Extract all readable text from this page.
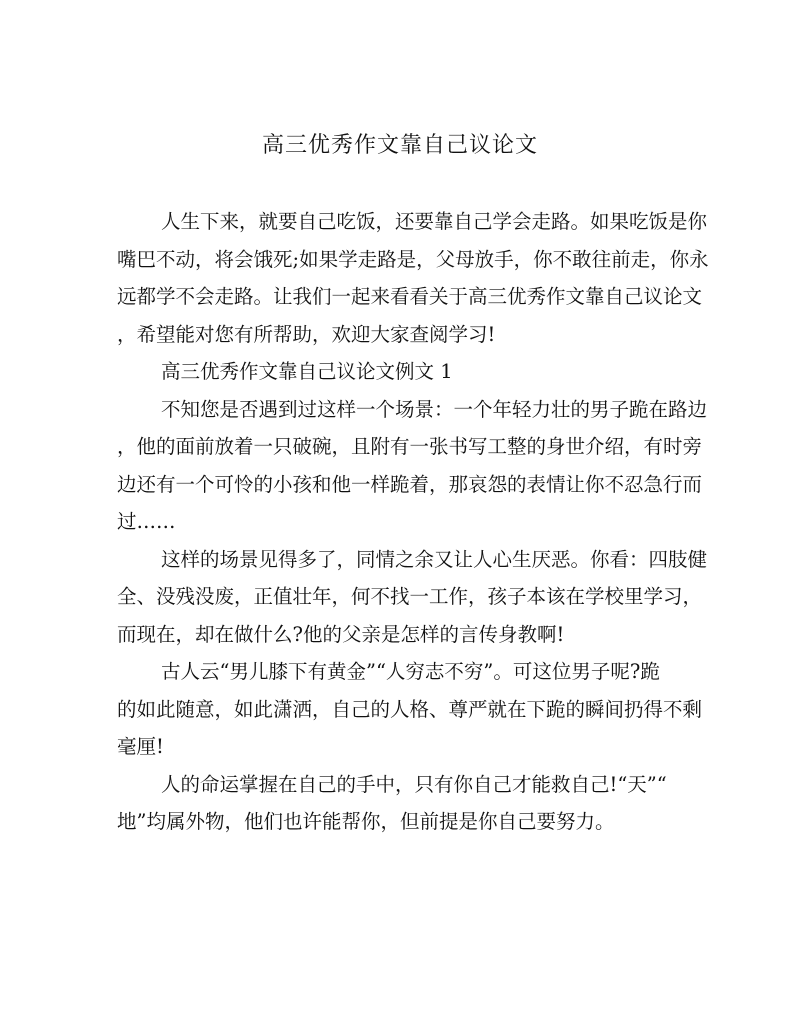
高三优秀作文靠自己议论文
人生下来，就要自己吃饭，还要靠自己学会走路。如果吃饭是你
嘴巴不动，将会饿死;如果学走路是，父母放手，你不敢往前走，你永
远都学不会走路。让我们一起来看看关于高三优秀作文靠自己议论文
，希望能对您有所帮助，欢迎大家查阅学习!
高三优秀作文靠自己议论文例文 1
不知您是否遇到过这样一个场景：一个年轻力壮的男子跪在路边
，他的面前放着一只破碗，且附有一张书写工整的身世介绍，有时旁
边还有一个可怜的小孩和他一样跪着，那哀怨的表情让你不忍急行而
过……
这样的场景见得多了，同情之余又让人心生厌恶。你看：四肢健
全、没残没废，正值壮年，何不找一工作，孩子本该在学校里学习，
而现在，却在做什么?他的父亲是怎样的言传身教啊!
古人云“男儿膝下有黄金”“人穷志不穷”。可这位男子呢?跪
的如此随意，如此潇洒，自己的人格、尊严就在下跪的瞬间扔得不剩
毫厘!
人的命运掌握在自己的手中，只有你自己才能救自己!“天”“
地”均属外物，他们也许能帮你，但前提是你自己要努力。
